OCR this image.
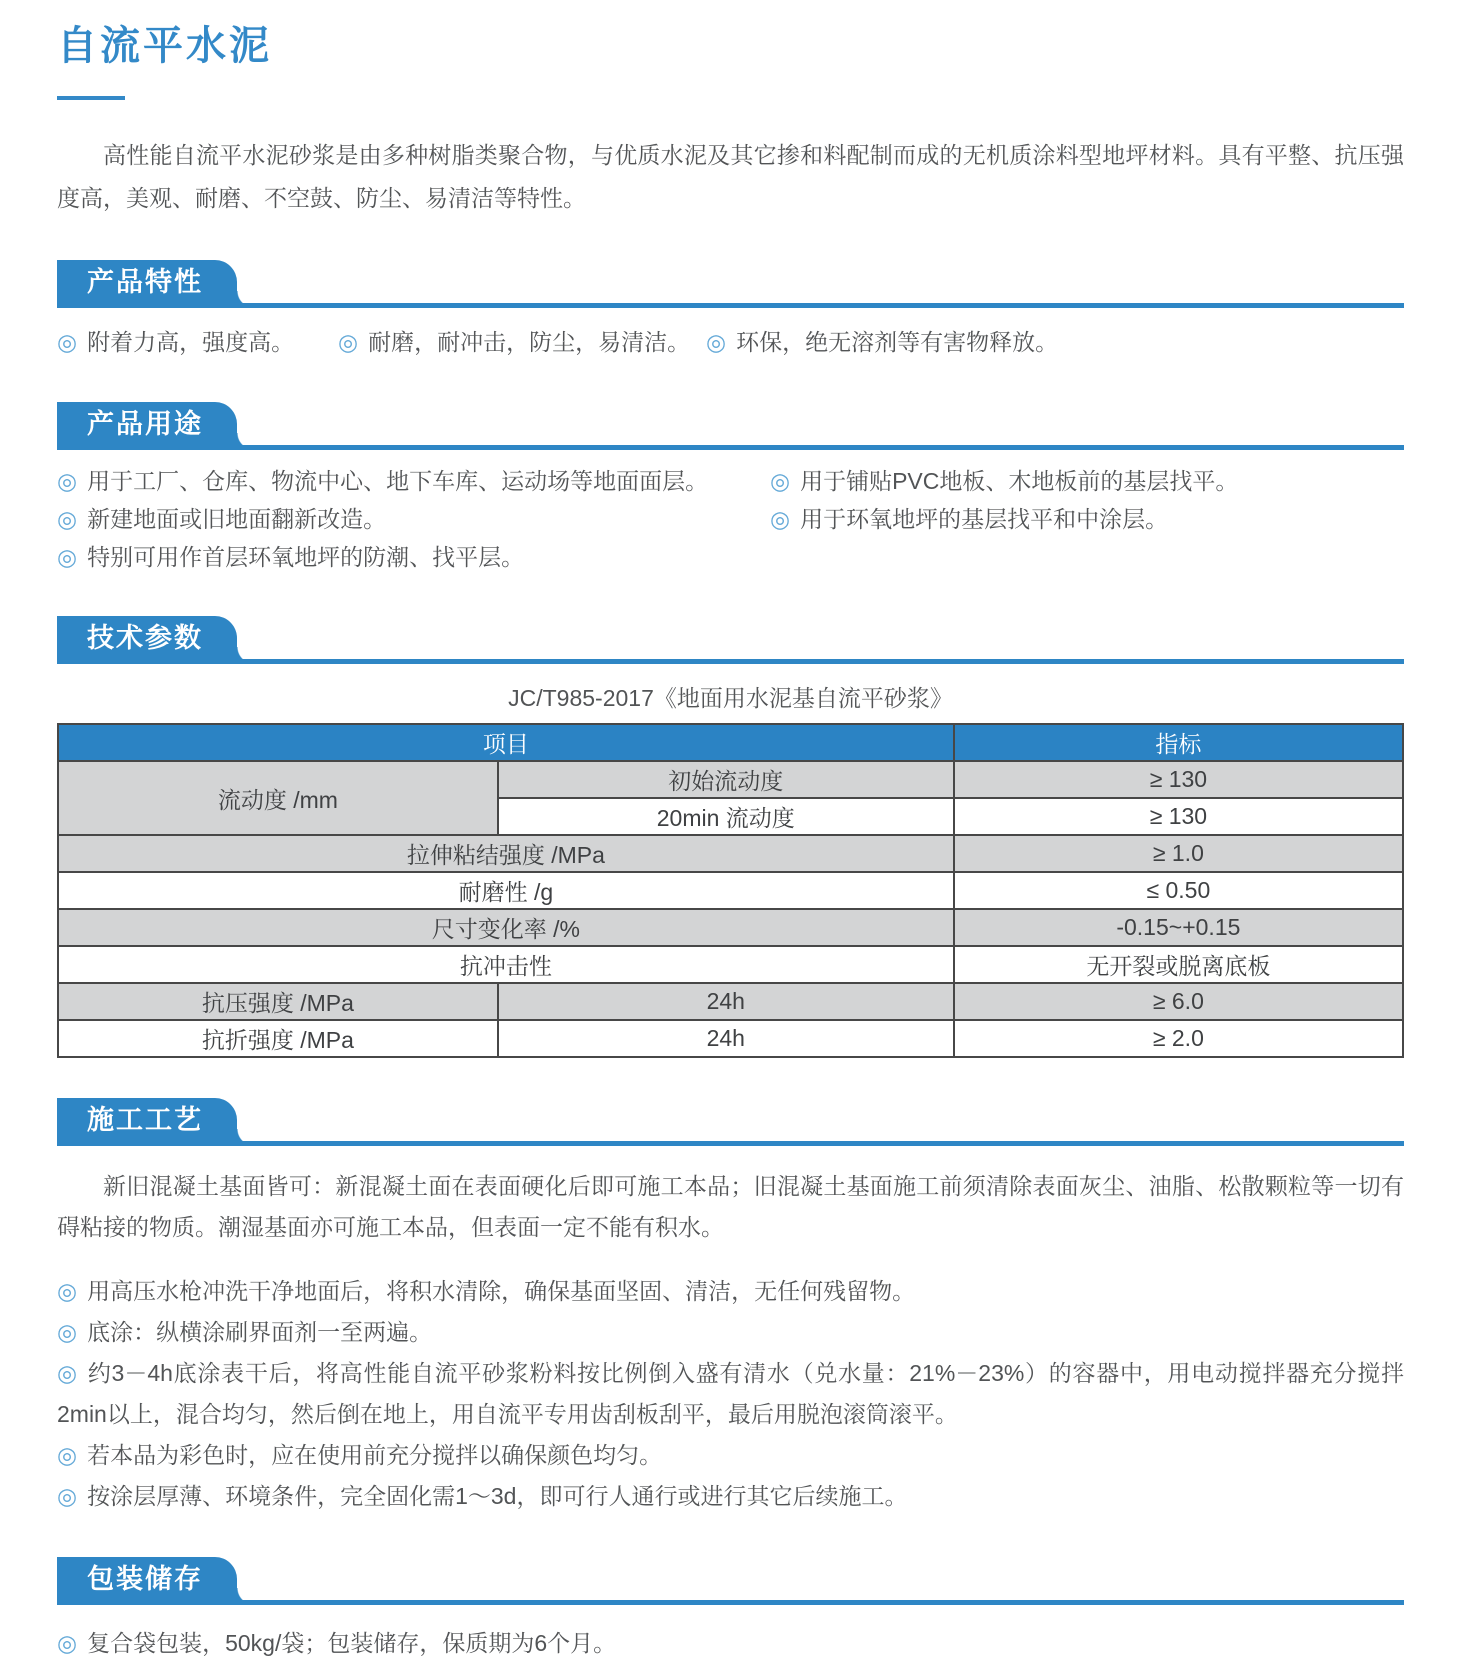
自流平水泥

高性能自流平水泥砂浆是由多种树脂类聚合物，与优质水泥及其它掺和料配制而成的无机质涂料型地坪材料。具有平整、抗压强度高，美观、耐磨、不空鼓、防尘、易清洁等特性。

产品特性
◎ 附着力高，强度高。	◎ 耐磨，耐冲击，防尘，易清洁。 ◎ 环保，绝无溶剂等有害物释放。
产品用途
◎ 用于工厂、仓库、物流中心、地下车库、运动场等地面面层。
◎ 新建地面或旧地面翻新改造。
◎ 特别可用作首层环氧地坪的防潮、找平层。
◎ 用于铺贴PVC地板、木地板前的基层找平。
◎ 用于环氧地坪的基层找平和中涂层。
技术参数
JC/T985-2017《地面用水泥基自流平砂浆》
项目		指标
流动度 /mm	初始流动度	≥ 130
	20min 流动度	≥ 130
拉伸粘结强度 /MPa		≥ 1.0
耐磨性 /g		≤ 0.50
尺寸变化率 /%		-0.15~+0.15
抗冲击性		无开裂或脱离底板
抗压强度 /MPa	24h	≥ 6.0
抗折强度 /MPa	24h	≥ 2.0
施工工艺

新旧混凝土基面皆可：新混凝土面在表面硬化后即可施工本品；旧混凝土基面施工前须清除表面灰尘、油脂、松散颗粒等一切有碍粘接的物质。潮湿基面亦可施工本品，但表面一定不能有积水。

◎ 用高压水枪冲洗干净地面后，将积水清除，确保基面坚固、清洁，无任何残留物。

◎ 底涂：纵横涂刷界面剂一至两遍。

◎ 约3－4h底涂表干后，将高性能自流平砂浆粉料按比例倒入盛有清水（兑水量：21%－23%）的容器中，用电动搅拌器充分搅拌2min以上，混合均匀，然后倒在地上，用自流平专用齿刮板刮平，最后用脱泡滚筒滚平。

◎ 若本品为彩色时，应在使用前充分搅拌以确保颜色均匀。

◎ 按涂层厚薄、环境条件，完全固化需1～3d，即可行人通行或进行其它后续施工。

包装储存

◎ 复合袋包装，50kg/袋；包装储存，保质期为6个月。
